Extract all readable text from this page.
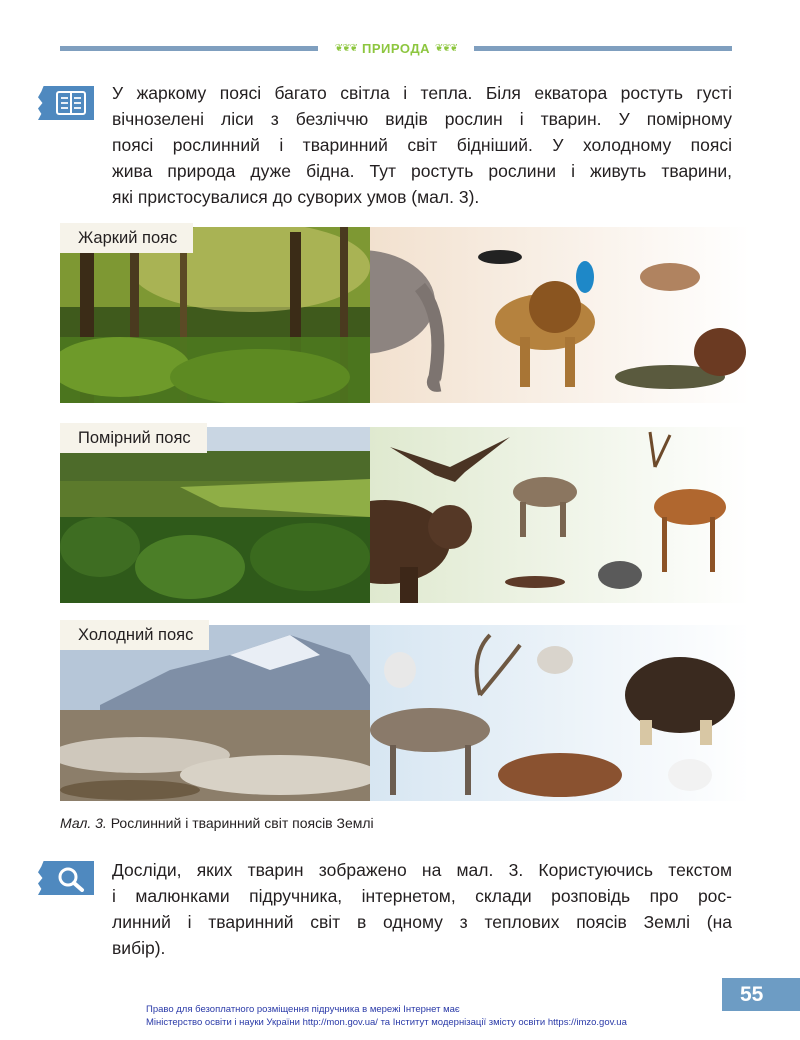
❦❦❦ ПРИРОДА ❦❦❦
У жаркому поясі багато світла і тепла. Біля екватора ростуть густі
вічнозелені ліси з безліччю видів рослин і тварин. У помірному
поясі рослинний і тваринний світ бідніший. У холодному поясі
жива природа дуже бідна. Тут ростуть рослини і живуть тварини,
які пристосувалися до суворих умов (мал. 3).
Жаркий пояс
Помірний пояс
Холодний пояс
Мал. 3. Рослинний і тваринний світ поясів Землі
Досліди, яких тварин зображено на мал. 3. Користуючись текстом
і малюнками підручника, інтернетом, склади розповідь про рос-
линний і тваринний світ в одному з теплових поясів Землі (на
вибір).
55
Право для безоплатного розміщення підручника в мережі Інтернет має
Міністерство освіти і науки України http://mon.gov.ua/ та Інститут модернізації змісту освіти https://imzo.gov.ua
